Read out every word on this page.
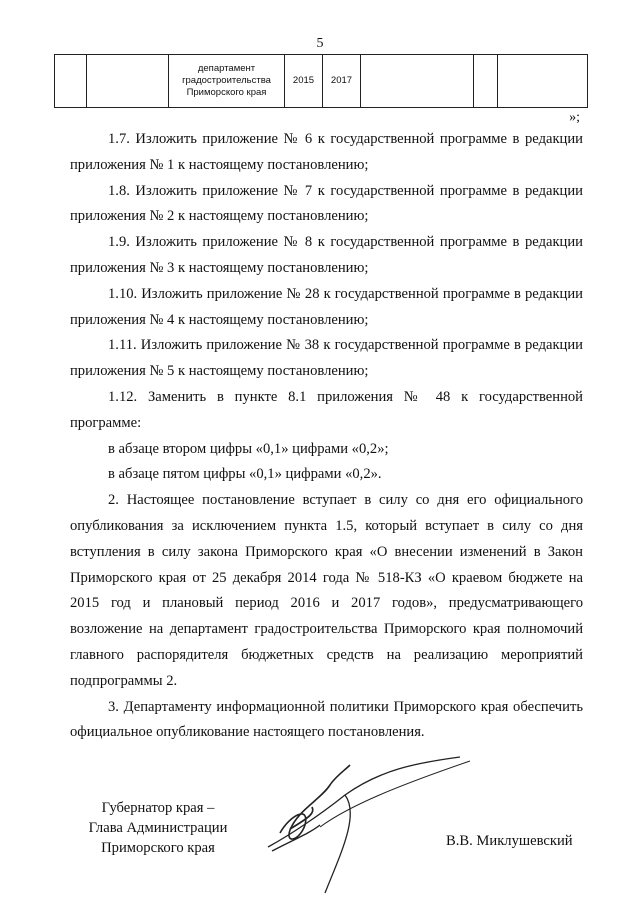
5
		департамент градостроительства Приморского края	2015	2017			
»;

1.7. Изложить приложение № 6 к государственной программе в редакции приложения № 1 к настоящему постановлению;

1.8. Изложить приложение № 7 к государственной программе в редакции приложения № 2 к настоящему постановлению;

1.9. Изложить приложение № 8 к государственной программе в редакции приложения № 3 к настоящему постановлению;

1.10. Изложить приложение № 28 к государственной программе в редакции приложения № 4 к настоящему постановлению;

1.11. Изложить приложение № 38 к государственной программе в редакции приложения № 5 к настоящему постановлению;

1.12. Заменить в пункте 8.1 приложения № 48 к государственной программе:

в абзаце втором цифры «0,1» цифрами «0,2»;

в абзаце пятом цифры «0,1» цифрами «0,2».

2. Настоящее постановление вступает в силу со дня его официального опубликования за исключением пункта 1.5, который вступает в силу со дня вступления в силу закона Приморского края «О внесении изменений в Закон Приморского края от 25 декабря 2014 года № 518-КЗ «О краевом бюджете на 2015 год и плановый период 2016 и 2017 годов», предусматривающего возложение на департамент градостроительства Приморского края полномочий главного распорядителя бюджетных средств на реализацию мероприятий подпрограммы 2.

3. Департаменту информационной политики Приморского края обеспечить официальное опубликование настоящего постановления.

Губернатор края –
Глава Администрации
Приморского края	В.В. Миклушевский
